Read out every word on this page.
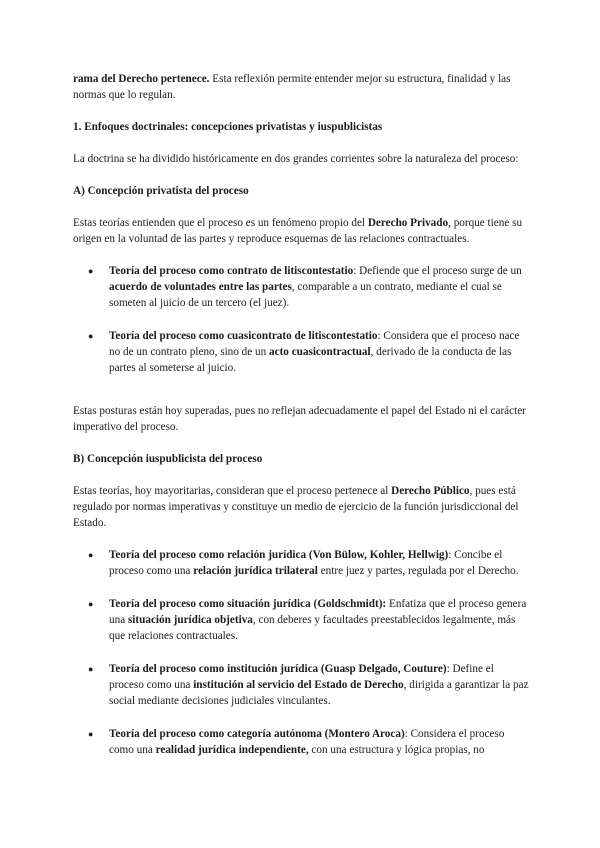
rama del Derecho pertenece. Esta reflexión permite entender mejor su estructura, finalidad y las normas que lo regulan.

1. Enfoques doctrinales: concepciones privatistas y iuspublicistas

La doctrina se ha dividido históricamente en dos grandes corrientes sobre la naturaleza del proceso:

A) Concepción privatista del proceso

Estas teorías entienden que el proceso es un fenómeno propio del Derecho Privado, porque tiene su origen en la voluntad de las partes y reproduce esquemas de las relaciones contractuales.

● Teoría del proceso como contrato de litiscontestatio: Defiende que el proceso surge de un acuerdo de voluntades entre las partes, comparable a un contrato, mediante el cual se someten al juicio de un tercero (el juez).
● Teoría del proceso como cuasicontrato de litiscontestatio: Considera que el proceso nace no de un contrato pleno, sino de un acto cuasicontractual, derivado de la conducta de las partes al someterse al juicio.

Estas posturas están hoy superadas, pues no reflejan adecuadamente el papel del Estado ni el carácter imperativo del proceso.

B) Concepción iuspublicista del proceso

Estas teorías, hoy mayoritarias, consideran que el proceso pertenece al Derecho Público, pues está regulado por normas imperativas y constituye un medio de ejercicio de la función jurisdiccional del Estado.

● Teoría del proceso como relación jurídica (Von Bülow, Kohler, Hellwig): Concibe el proceso como una relación jurídica trilateral entre juez y partes, regulada por el Derecho.
● Teoría del proceso como situación jurídica (Goldschmidt): Enfatiza que el proceso genera una situación jurídica objetiva, con deberes y facultades preestablecidos legalmente, más que relaciones contractuales.
● Teoría del proceso como institución jurídica (Guasp Delgado, Couture): Define el proceso como una institución al servicio del Estado de Derecho, dirigida a garantizar la paz social mediante decisiones judiciales vinculantes.
● Teoría del proceso como categoría autónoma (Montero Aroca): Considera el proceso como una realidad jurídica independiente, con una estructura y lógica propias, no
